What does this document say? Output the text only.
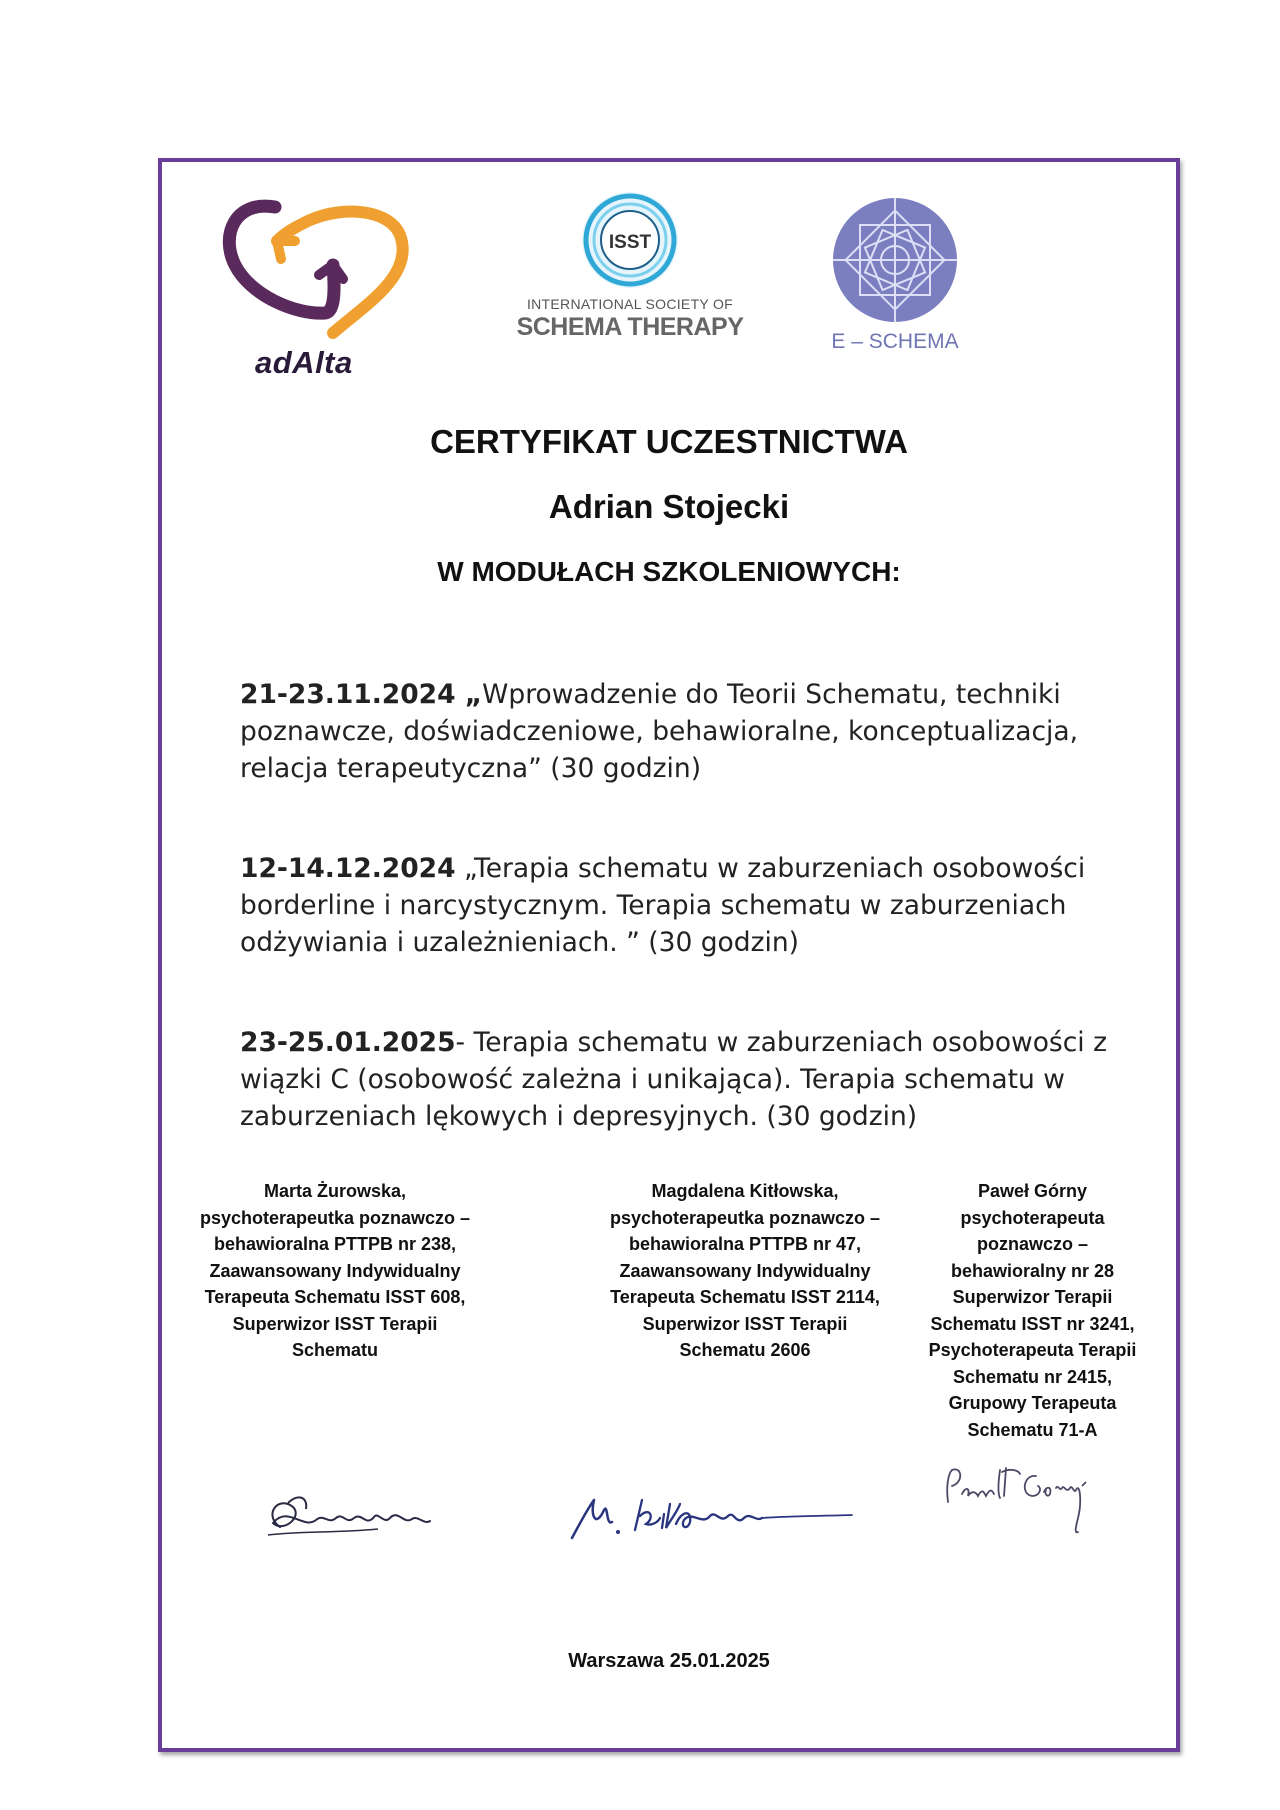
adAlta
ISST
INTERNATIONAL SOCIETY OF
SCHEMA THERAPY
E – SCHEMA
CERTYFIKAT UCZESTNICTWA
Adrian Stojecki
W MODUŁACH SZKOLENIOWYCH:
21-23.11.2024 „Wprowadzenie do Teorii Schematu, techniki poznawcze, doświadczeniowe, behawioralne, konceptualizacja, relacja terapeutyczna” (30 godzin)
12-14.12.2024 „Terapia schematu w zaburzeniach osobowości borderline i narcystycznym. Terapia schematu w zaburzeniach odżywiania i uzależnieniach. ” (30 godzin)
23-25.01.2025- Terapia schematu w zaburzeniach osobowości z wiązki C (osobowość zależna i unikająca). Terapia schematu w zaburzeniach lękowych i depresyjnych. (30 godzin)
Marta Żurowska,
psychoterapeutka poznawczo –
behawioralna PTTPB nr 238,
Zaawansowany Indywidualny
Terapeuta Schematu ISST 608,
Superwizor ISST Terapii
Schematu
Magdalena Kitłowska,
psychoterapeutka poznawczo –
behawioralna PTTPB nr 47,
Zaawansowany Indywidualny
Terapeuta Schematu ISST 2114,
Superwizor ISST Terapii
Schematu 2606
Paweł Górny
psychoterapeuta
poznawczo –
behawioralny nr 28
Superwizor Terapii
Schematu ISST nr 3241,
Psychoterapeuta Terapii
Schematu nr 2415,
Grupowy Terapeuta
Schematu 71-A
Warszawa 25.01.2025
